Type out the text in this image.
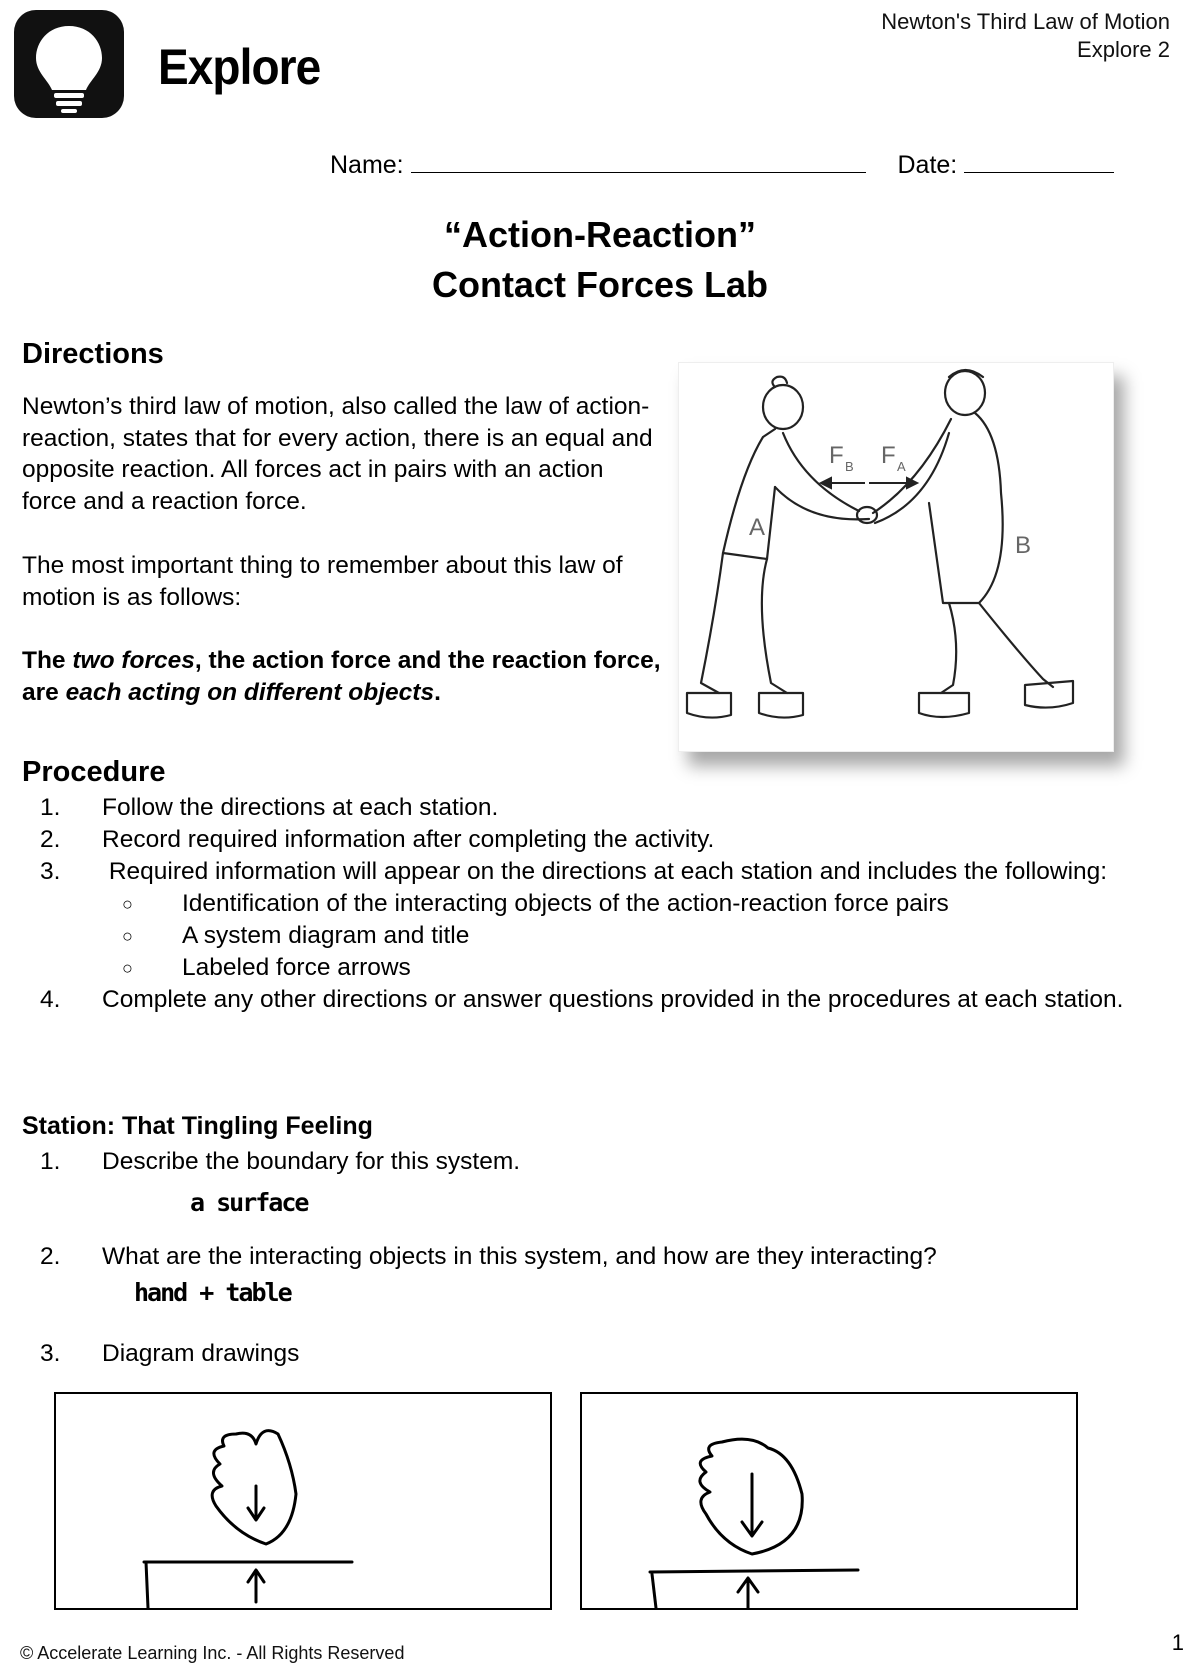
Explore
Newton's Third Law of Motion
Explore 2
Name:	Date:
“Action-Reaction”
Contact Forces Lab
Directions
Newton’s third law of motion, also called the law of action-reaction, states that for every action, there is an equal and opposite reaction. All forces act in pairs with an action force and a reaction force.
The most important thing to remember about this law of motion is as follows:
The two forces, the action force and the reaction force, are each acting on different objects.
F B F A
A
B
Procedure
1. Follow the directions at each station.
2. Record required information after completing the activity.
3. Required information will appear on the directions at each station and includes the following:
○ Identification of the interacting objects of the action-reaction force pairs
○ A system diagram and title
○ Labeled force arrows
4. Complete any other directions or answer questions provided in the procedures at each station.
Station: That Tingling Feeling
1. Describe the boundary for this system.
a surface
2. What are the interacting objects in this system, and how are they interacting?
hand + table
3. Diagram drawings
© Accelerate Learning Inc. - All Rights Reserved	1
